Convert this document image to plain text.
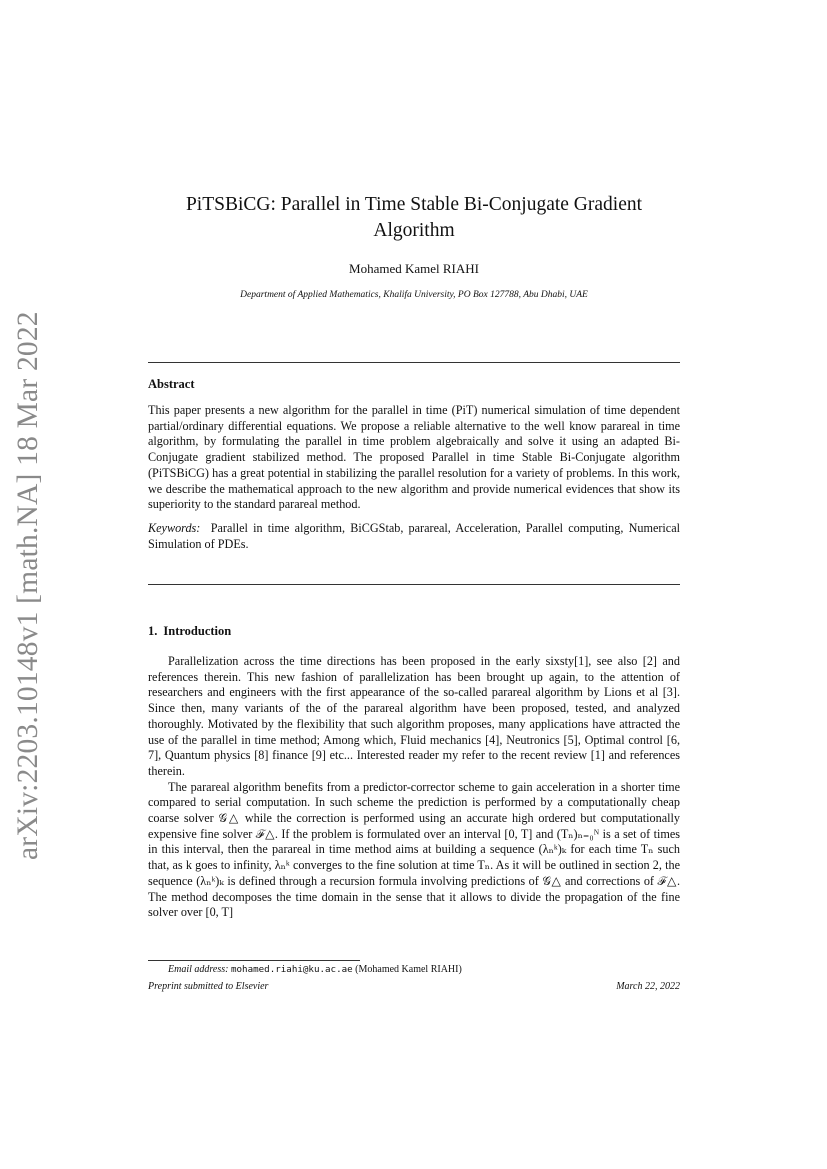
arXiv:2203.10148v1 [math.NA] 18 Mar 2022
PiTSBiCG: Parallel in Time Stable Bi-Conjugate Gradient
Algorithm
Mohamed Kamel RIAHI
Department of Applied Mathematics, Khalifa University, PO Box 127788, Abu Dhabi, UAE
Abstract

This paper presents a new algorithm for the parallel in time (PiT) numerical simulation of time dependent partial/ordinary differential equations. We propose a reliable alternative to the well know parareal in time algorithm, by formulating the parallel in time problem algebraically and solve it using an adapted Bi-Conjugate gradient stabilized method. The proposed Parallel in time Stable Bi-Conjugate algorithm (PiTSBiCG) has a great potential in stabilizing the parallel resolution for a variety of problems. In this work, we describe the mathematical approach to the new algorithm and provide numerical evidences that show its superiority to the standard parareal method.

Keywords: Parallel in time algorithm, BiCGStab, parareal, Acceleration, Parallel computing, Numerical Simulation of PDEs.

1. Introduction

Parallelization across the time directions has been proposed in the early sixsty[1], see also [2] and references therein. This new fashion of parallelization has been brought up again, to the attention of researchers and engineers with the first appearance of the so-called parareal algorithm by Lions et al [3]. Since then, many variants of the of the parareal algorithm have been proposed, tested, and analyzed thoroughly. Motivated by the flexibility that such algorithm proposes, many applications have attracted the use of the parallel in time method; Among which, Fluid mechanics [4], Neutronics [5], Optimal control [6, 7], Quantum physics [8] finance [9] etc... Interested reader my refer to the recent review [1] and references therein.

The parareal algorithm benefits from a predictor-corrector scheme to gain acceleration in a shorter time compared to serial computation. In such scheme the prediction is performed by a computationally cheap coarse solver 𝒢△ while the correction is performed using an accurate high ordered but computationally expensive fine solver ℱ△. If the problem is formulated over an interval [0, T] and (Tₙ)ₙ₌₀ᴺ is a set of times in this interval, then the parareal in time method aims at building a sequence (λₙᵏ)ₖ for each time Tₙ such that, as k goes to infinity, λₙᵏ converges to the fine solution at time Tₙ. As it will be outlined in section 2, the sequence (λₙᵏ)ₖ is defined through a recursion formula involving predictions of 𝒢△ and corrections of ℱ△. The method decomposes the time domain in the sense that it allows to divide the propagation of the fine solver over [0, T]

Email address: mohamed.riahi@ku.ac.ae (Mohamed Kamel RIAHI)
Preprint submitted to Elsevier	March 22, 2022
